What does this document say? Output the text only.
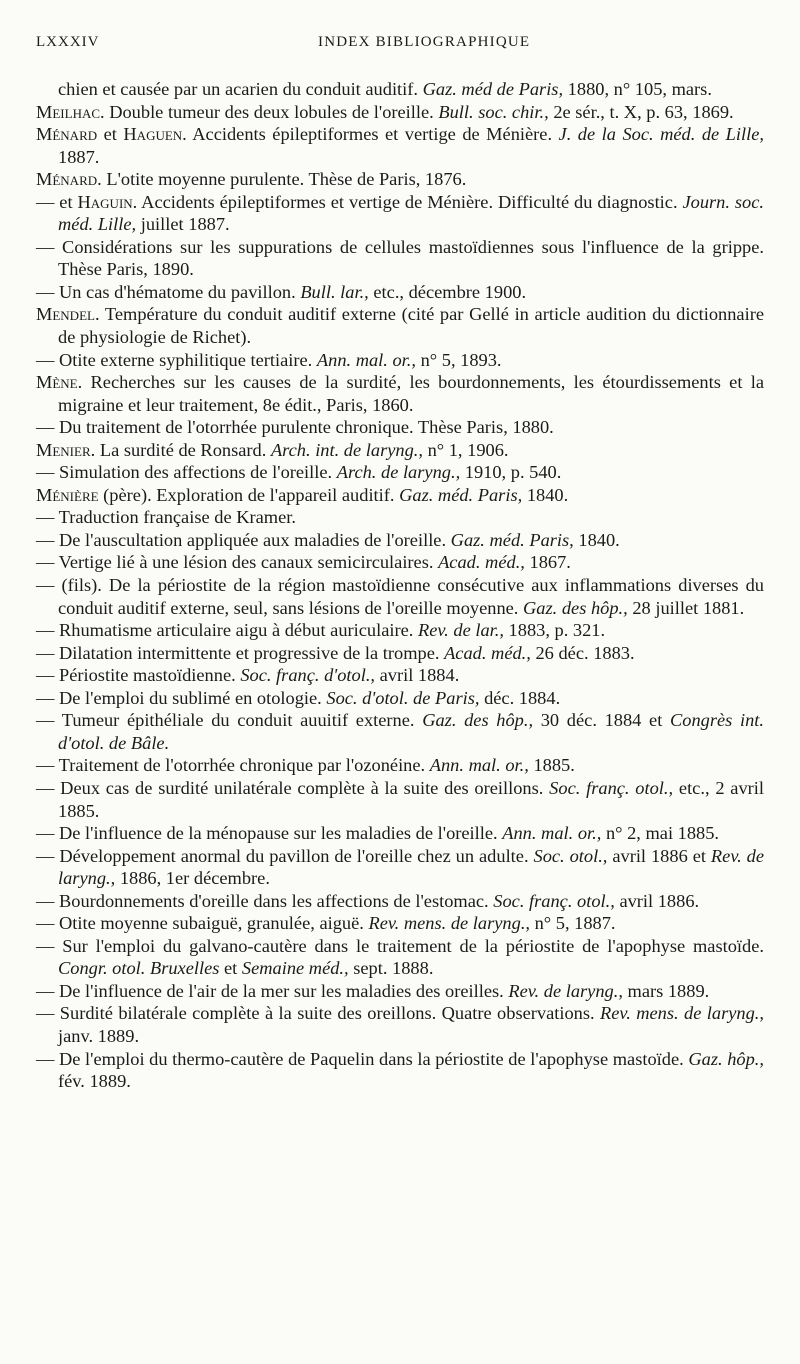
LXXXIV	INDEX BIBLIOGRAPHIQUE

chien et causée par un acarien du conduit auditif. Gaz. méd de Paris, 1880, n° 105, mars.

Meilhac. Double tumeur des deux lobules de l'oreille. Bull. soc. chir., 2e sér., t. X, p. 63, 1869.

Ménard et Haguen. Accidents épileptiformes et vertige de Ménière. J. de la Soc. méd. de Lille, 1887.

Ménard. L'otite moyenne purulente. Thèse de Paris, 1876.

— et Haguin. Accidents épileptiformes et vertige de Ménière. Difficulté du diagnostic. Journ. soc. méd. Lille, juillet 1887.

— Considérations sur les suppurations de cellules mastoïdiennes sous l'influence de la grippe. Thèse Paris, 1890.

— Un cas d'hématome du pavillon. Bull. lar., etc., décembre 1900.

Mendel. Température du conduit auditif externe (cité par Gellé in article audition du dictionnaire de physiologie de Richet).

— Otite externe syphilitique tertiaire. Ann. mal. or., n° 5, 1893.

Mène. Recherches sur les causes de la surdité, les bourdonnements, les étourdissements et la migraine et leur traitement, 8e édit., Paris, 1860.

— Du traitement de l'otorrhée purulente chronique. Thèse Paris, 1880.

Menier. La surdité de Ronsard. Arch. int. de laryng., n° 1, 1906.

— Simulation des affections de l'oreille. Arch. de laryng., 1910, p. 540.

Ménière (père). Exploration de l'appareil auditif. Gaz. méd. Paris, 1840.

— Traduction française de Kramer.

— De l'auscultation appliquée aux maladies de l'oreille. Gaz. méd. Paris, 1840.

— Vertige lié à une lésion des canaux semicirculaires. Acad. méd., 1867.

— (fils). De la périostite de la région mastoïdienne consécutive aux inflammations diverses du conduit auditif externe, seul, sans lésions de l'oreille moyenne. Gaz. des hôp., 28 juillet 1881.

— Rhumatisme articulaire aigu à début auriculaire. Rev. de lar., 1883, p. 321.

— Dilatation intermittente et progressive de la trompe. Acad. méd., 26 déc. 1883.

— Périostite mastoïdienne. Soc. franç. d'otol., avril 1884.

— De l'emploi du sublimé en otologie. Soc. d'otol. de Paris, déc. 1884.

— Tumeur épithéliale du conduit auuitif externe. Gaz. des hôp., 30 déc. 1884 et Congrès int. d'otol. de Bâle.

— Traitement de l'otorrhée chronique par l'ozonéine. Ann. mal. or., 1885.

— Deux cas de surdité unilatérale complète à la suite des oreillons. Soc. franç. otol., etc., 2 avril 1885.

— De l'influence de la ménopause sur les maladies de l'oreille. Ann. mal. or., n° 2, mai 1885.

— Développement anormal du pavillon de l'oreille chez un adulte. Soc. otol., avril 1886 et Rev. de laryng., 1886, 1er décembre.

— Bourdonnements d'oreille dans les affections de l'estomac. Soc. franç. otol., avril 1886.

— Otite moyenne subaiguë, granulée, aiguë. Rev. mens. de laryng., n° 5, 1887.

— Sur l'emploi du galvano-cautère dans le traitement de la périostite de l'apophyse mastoïde. Congr. otol. Bruxelles et Semaine méd., sept. 1888.

— De l'influence de l'air de la mer sur les maladies des oreilles. Rev. de laryng., mars 1889.

— Surdité bilatérale complète à la suite des oreillons. Quatre observations. Rev. mens. de laryng., janv. 1889.

— De l'emploi du thermo-cautère de Paquelin dans la périostite de l'apophyse mastoïde. Gaz. hôp., fév. 1889.
